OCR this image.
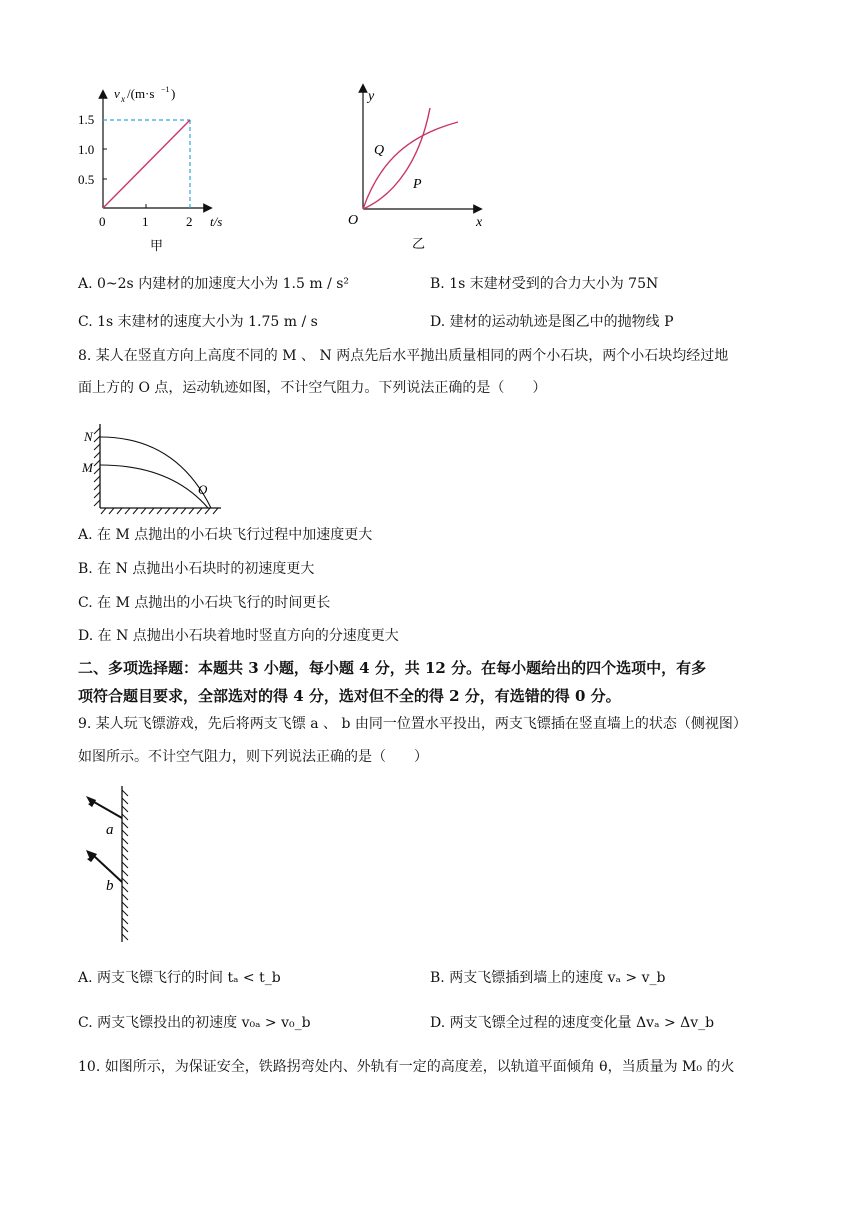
v x /(m·s −1 )
1.5
1.0
0.5
0	1	2 t/s
甲
y
x
O
Q
P
乙
A. 0~2s 内建材的加速度大小为 1.5 m / s²	B. 1s 末建材受到的合力大小为 75N
C. 1s 末建材的速度大小为 1.75 m / s	D. 建材的运动轨迹是图乙中的抛物线 P
8. 某人在竖直方向上高度不同的 M 、 N 两点先后水平抛出质量相同的两个小石块，两个小石块均经过地
面上方的 O 点，运动轨迹如图，不计空气阻力。下列说法正确的是（　　）
N
M
O
A. 在 M 点抛出的小石块飞行过程中加速度更大
B. 在 N 点抛出小石块时的初速度更大
C. 在 M 点抛出的小石块飞行的时间更长
D. 在 N 点抛出小石块着地时竖直方向的分速度更大
二、多项选择题：本题共 3 小题，每小题 4 分，共 12 分。在每小题给出的四个选项中，有多
项符合题目要求，全部选对的得 4 分，选对但不全的得 2 分，有选错的得 0 分。
9. 某人玩飞镖游戏，先后将两支飞镖 a 、 b 由同一位置水平投出，两支飞镖插在竖直墙上的状态（侧视图）
如图所示。不计空气阻力，则下列说法正确的是（　　）
a
b
A. 两支飞镖飞行的时间 tₐ < t_b	B. 两支飞镖插到墙上的速度 vₐ > v_b
C. 两支飞镖投出的初速度 v₀ₐ > v₀_b	D. 两支飞镖全过程的速度变化量 Δvₐ > Δv_b
10. 如图所示，为保证安全，铁路拐弯处内、外轨有一定的高度差，以轨道平面倾角 θ，当质量为 M₀ 的火
